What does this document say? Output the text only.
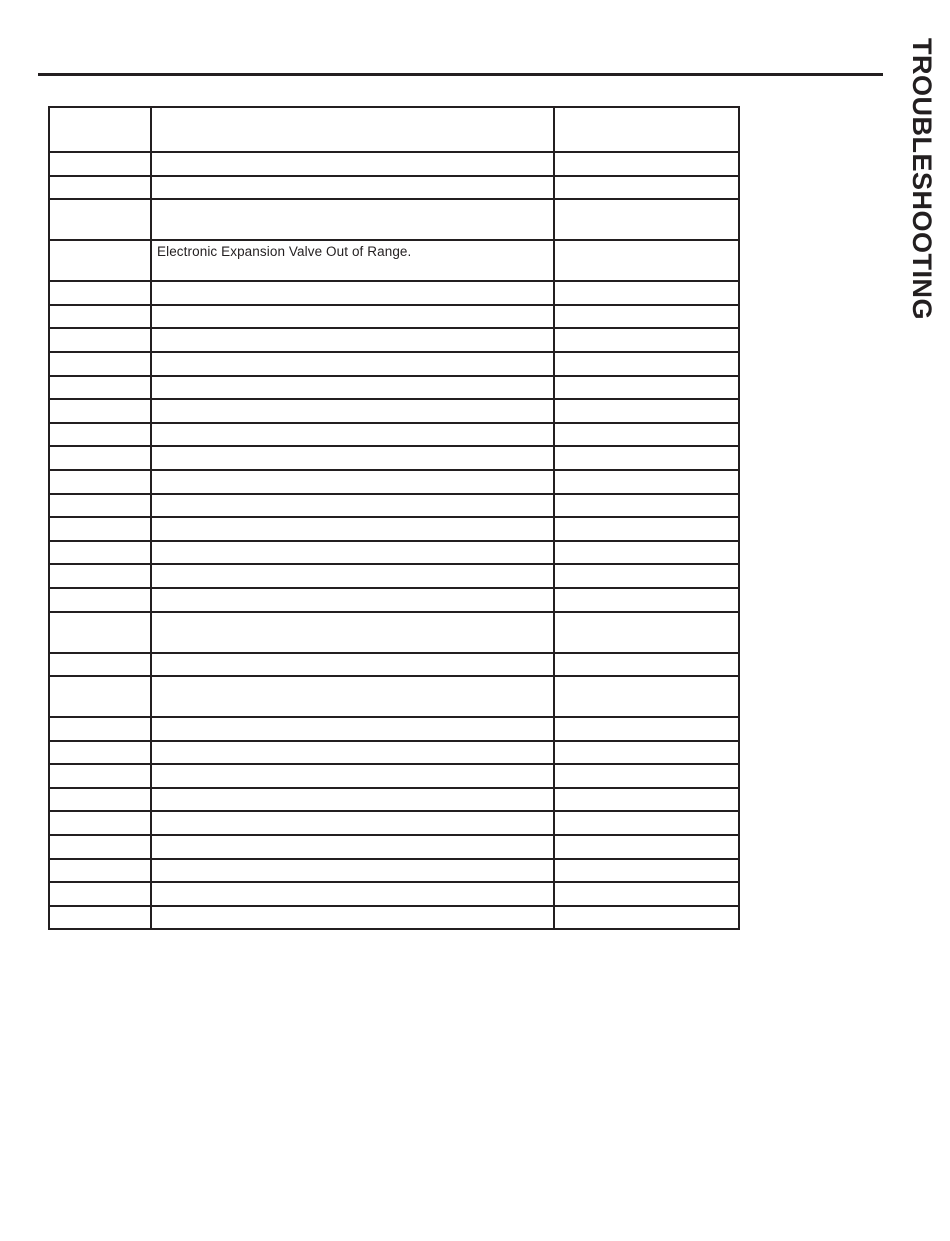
TROUBLESHOOTING

	Electronic Expansion Valve Out of Range.	
